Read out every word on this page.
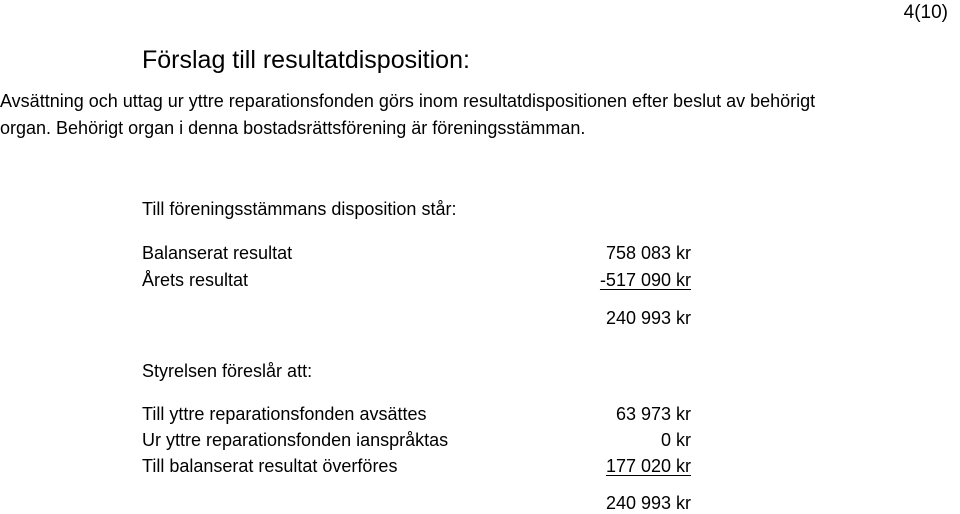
4(10)
Förslag till resultatdisposition:
Avsättning och uttag ur yttre reparationsfonden görs inom resultatdispositionen efter beslut av behörigt
organ. Behörigt organ i denna bostadsrättsförening är föreningsstämman.
Till föreningsstämmans disposition står:
Balanserat resultat	758 083 kr
Årets resultat	-517 090 kr
240 993 kr
Styrelsen föreslår att:
Till yttre reparationsfonden avsättes	63 973 kr
Ur yttre reparationsfonden ianspråktas	0 kr
Till balanserat resultat överföres	177 020 kr
240 993 kr
